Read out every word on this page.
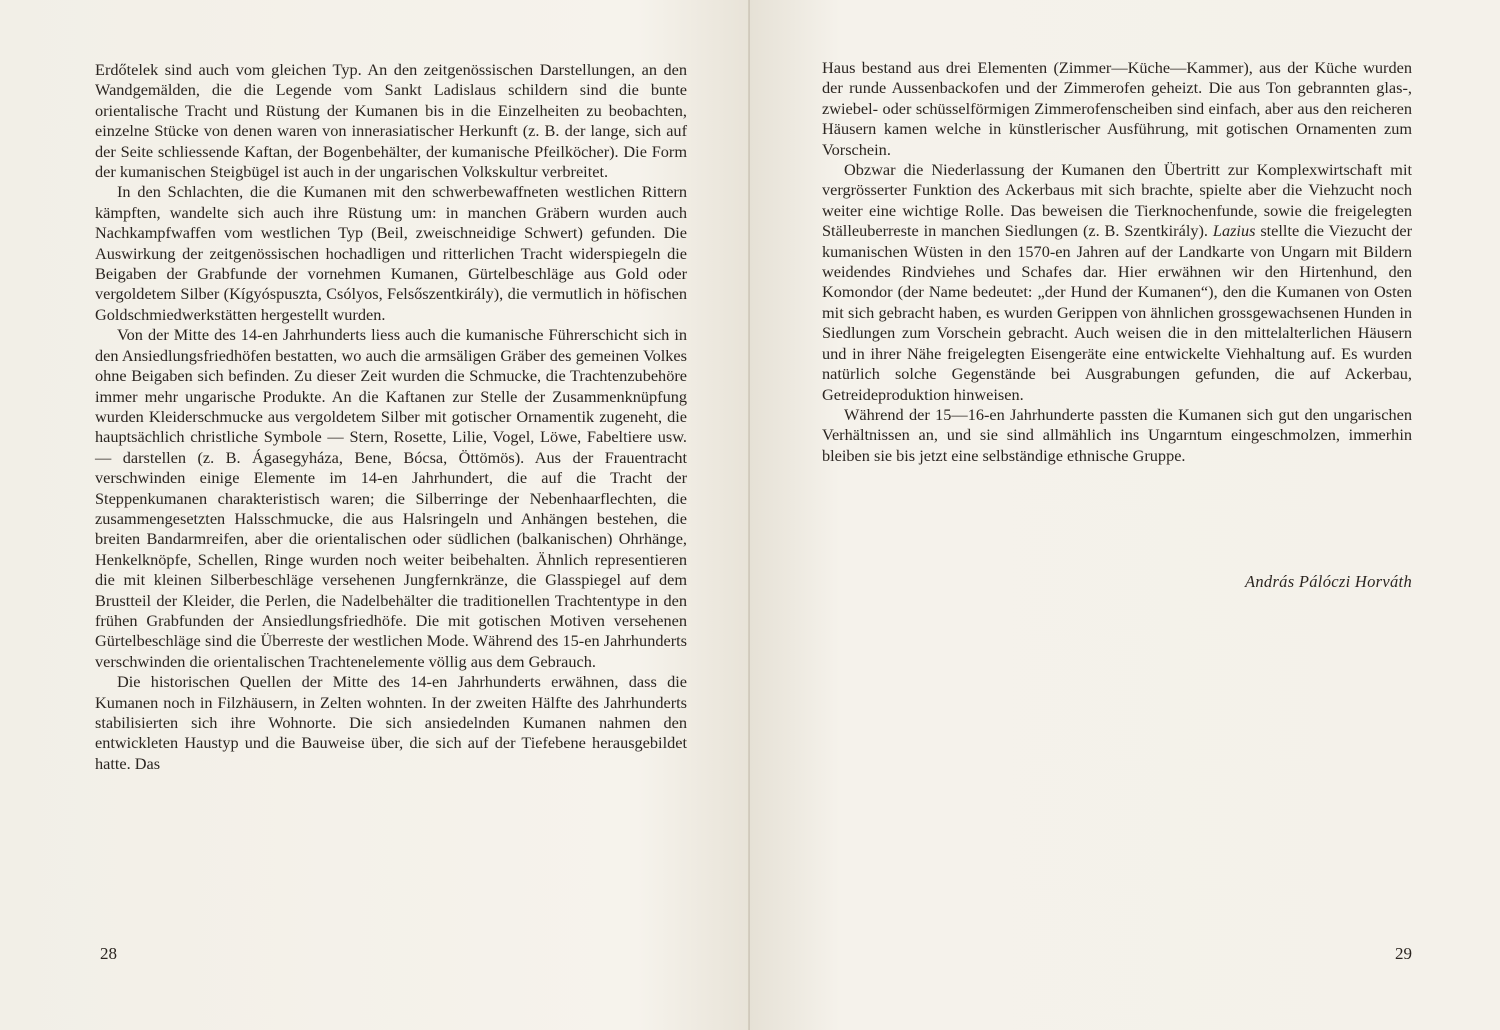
Erdőtelek sind auch vom gleichen Typ. An den zeitgenössischen Darstellungen, an den Wandgemälden, die die Legende vom Sankt Ladislaus schildern sind die bunte orientalische Tracht und Rüstung der Kumanen bis in die Einzelheiten zu beobachten, einzelne Stücke von denen waren von innerasiatischer Herkunft (z. B. der lange, sich auf der Seite schliessende Kaftan, der Bogenbehälter, der kumanische Pfeilköcher). Die Form der kumanischen Steigbügel ist auch in der ungarischen Volkskultur verbreitet.

In den Schlachten, die die Kumanen mit den schwerbewaffneten westlichen Rittern kämpften, wandelte sich auch ihre Rüstung um: in manchen Gräbern wurden auch Nachkampfwaffen vom westlichen Typ (Beil, zweischneidige Schwert) gefunden. Die Auswirkung der zeitgenössischen hochadligen und ritterlichen Tracht widerspiegeln die Beigaben der Grabfunde der vornehmen Kumanen, Gürtelbeschläge aus Gold oder vergoldetem Silber (Kígyóspuszta, Csólyos, Felsőszentkirály), die vermutlich in höfischen Goldschmiedwerkstätten hergestellt wurden.

Von der Mitte des 14-en Jahrhunderts liess auch die kumanische Führerschicht sich in den Ansiedlungsfriedhöfen bestatten, wo auch die armsäligen Gräber des gemeinen Volkes ohne Beigaben sich befinden. Zu dieser Zeit wurden die Schmucke, die Trachtenzubehöre immer mehr ungarische Produkte. An die Kaftanen zur Stelle der Zusammenknüpfung wurden Kleiderschmucke aus vergoldetem Silber mit gotischer Ornamentik zugeneht, die hauptsächlich christliche Symbole — Stern, Rosette, Lilie, Vogel, Löwe, Fabeltiere usw. — darstellen (z. B. Ágasegyháza, Bene, Bócsa, Öttömös). Aus der Frauentracht verschwinden einige Elemente im 14-en Jahrhundert, die auf die Tracht der Steppenkumanen charakteristisch waren; die Silberringe der Nebenhaarflechten, die zusammengesetzten Halsschmucke, die aus Halsringeln und Anhängen bestehen, die breiten Bandarmreifen, aber die orientalischen oder südlichen (balkanischen) Ohrhänge, Henkelknöpfe, Schellen, Ringe wurden noch weiter beibehalten. Ähnlich representieren die mit kleinen Silberbeschläge versehenen Jungfernkränze, die Glasspiegel auf dem Brustteil der Kleider, die Perlen, die Nadelbehälter die traditionellen Trachtentype in den frühen Grabfunden der Ansiedlungsfriedhöfe. Die mit gotischen Motiven versehenen Gürtelbeschläge sind die Überreste der westlichen Mode. Während des 15-en Jahrhunderts verschwinden die orientalischen Trachtenelemente völlig aus dem Gebrauch.

Die historischen Quellen der Mitte des 14-en Jahrhunderts erwähnen, dass die Kumanen noch in Filzhäusern, in Zelten wohnten. In der zweiten Hälfte des Jahrhunderts stabilisierten sich ihre Wohnorte. Die sich ansiedelnden Kumanen nahmen den entwickleten Haustyp und die Bauweise über, die sich auf der Tiefebene herausgebildet hatte. Das

28

Haus bestand aus drei Elementen (Zimmer—Küche—Kammer), aus der Küche wurden der runde Aussenbackofen und der Zimmerofen geheizt. Die aus Ton gebrannten glas-, zwiebel- oder schüsselförmigen Zimmerofenscheiben sind einfach, aber aus den reicheren Häusern kamen welche in künstlerischer Ausführung, mit gotischen Ornamenten zum Vorschein.

Obzwar die Niederlassung der Kumanen den Übertritt zur Komplexwirtschaft mit vergrösserter Funktion des Ackerbaus mit sich brachte, spielte aber die Viehzucht noch weiter eine wichtige Rolle. Das beweisen die Tierknochenfunde, sowie die freigelegten Ställeuberreste in manchen Siedlungen (z. B. Szentkirály). Lazius stellte die Viezucht der kumanischen Wüsten in den 1570-en Jahren auf der Landkarte von Ungarn mit Bildern weidendes Rindviehes und Schafes dar. Hier erwähnen wir den Hirtenhund, den Komondor (der Name bedeutet: „der Hund der Kumanen“), den die Kumanen von Osten mit sich gebracht haben, es wurden Gerippen von ähnlichen grossgewachsenen Hunden in Siedlungen zum Vorschein gebracht. Auch weisen die in den mittelalterlichen Häusern und in ihrer Nähe freigelegten Eisengeräte eine entwickelte Viehhaltung auf. Es wurden natürlich solche Gegenstände bei Ausgrabungen gefunden, die auf Ackerbau, Getreideproduktion hinweisen.

Während der 15—16-en Jahrhunderte passten die Kumanen sich gut den ungarischen Verhältnissen an, und sie sind allmählich ins Ungarntum eingeschmolzen, immerhin bleiben sie bis jetzt eine selbständige ethnische Gruppe.

András Pálóczi Horváth
29
